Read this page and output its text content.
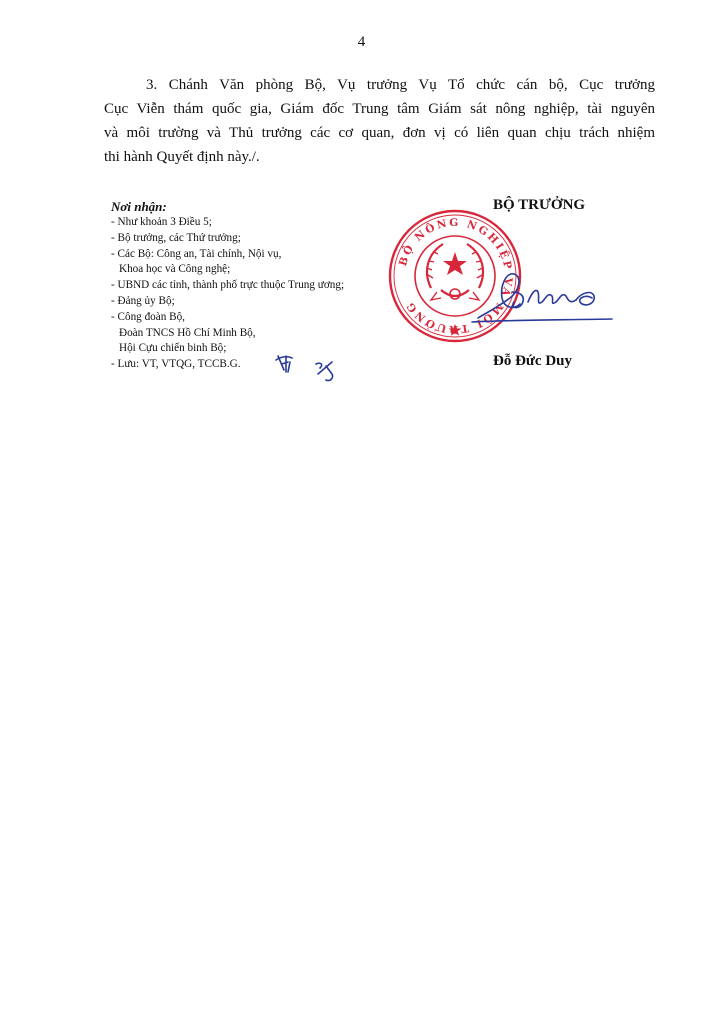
4
3. Chánh Văn phòng Bộ, Vụ trưởng Vụ Tổ chức cán bộ, Cục trưởng
Cục Viễn thám quốc gia, Giám đốc Trung tâm Giám sát nông nghiệp, tài nguyên
và môi trường và Thủ trưởng các cơ quan, đơn vị có liên quan chịu trách nhiệm
thi hành Quyết định này./.
Nơi nhận:
- Như khoản 3 Điều 5;
- Bộ trưởng, các Thứ trưởng;
- Các Bộ: Công an, Tài chính, Nội vụ,
Khoa học và Công nghệ;
- UBND các tỉnh, thành phố trực thuộc Trung ương;
- Đảng ủy Bộ;
- Công đoàn Bộ,
Đoàn TNCS Hồ Chí Minh Bộ,
Hội Cựu chiến binh Bộ;
- Lưu: VT, VTQG, TCCB.G.
BỘ TRƯỞNG
BỘ NÔNG NGHIỆP VÀ MÔI TRƯỜNG
Đỗ Đức Duy
